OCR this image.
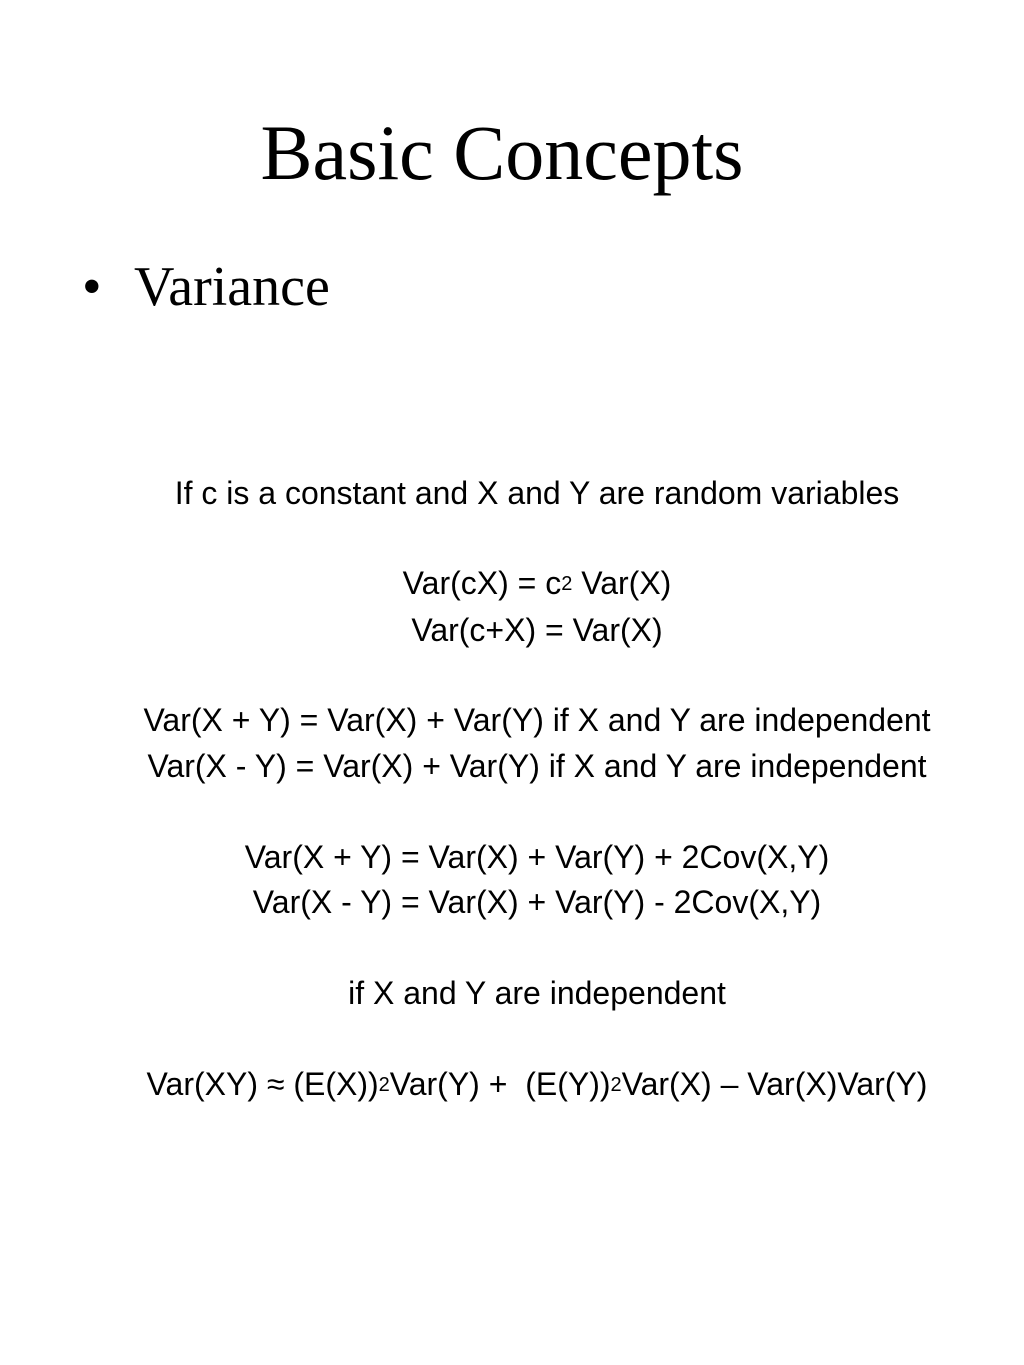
Basic Concepts
• Variance
If c is a constant and X and Y are random variables
$Var(cX) = c^2$ Var(X)
Var(c+X) = Var(X)
Var(X + Y) = Var(X) + Var(Y) if X and Y are independent
Var(X - Y) = Var(X) + Var(Y) if X and Y are independent
Var(X + Y) = Var(X) + Var(Y) + 2Cov(X,Y)
Var(X - Y) = Var(X) + Var(Y) - 2Cov(X,Y)
if X and Y are independent
$Var(XY) \approx (E(X))^2Var(Y) + (E(Y))^2Var(X) - Var(X)Var(Y)$
